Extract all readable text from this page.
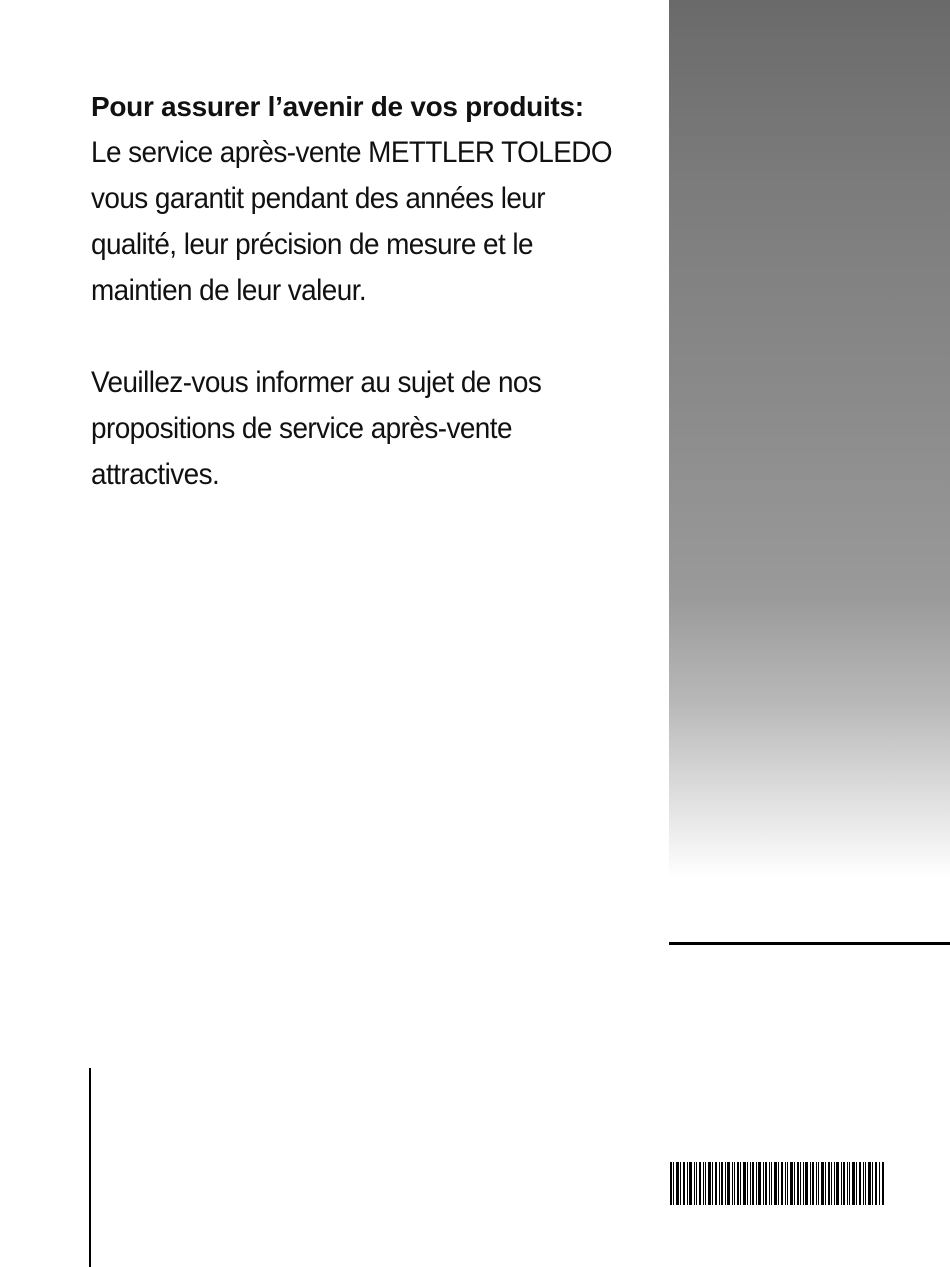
Pour assurer l’avenir de vos produits:

Le service après-vente METTLER TOLEDO
vous garantit pendant des années leur
qualité, leur précision de mesure et le
maintien de leur valeur.

Veuillez-vous informer au sujet de nos
propositions de service après-vente
attractives.
